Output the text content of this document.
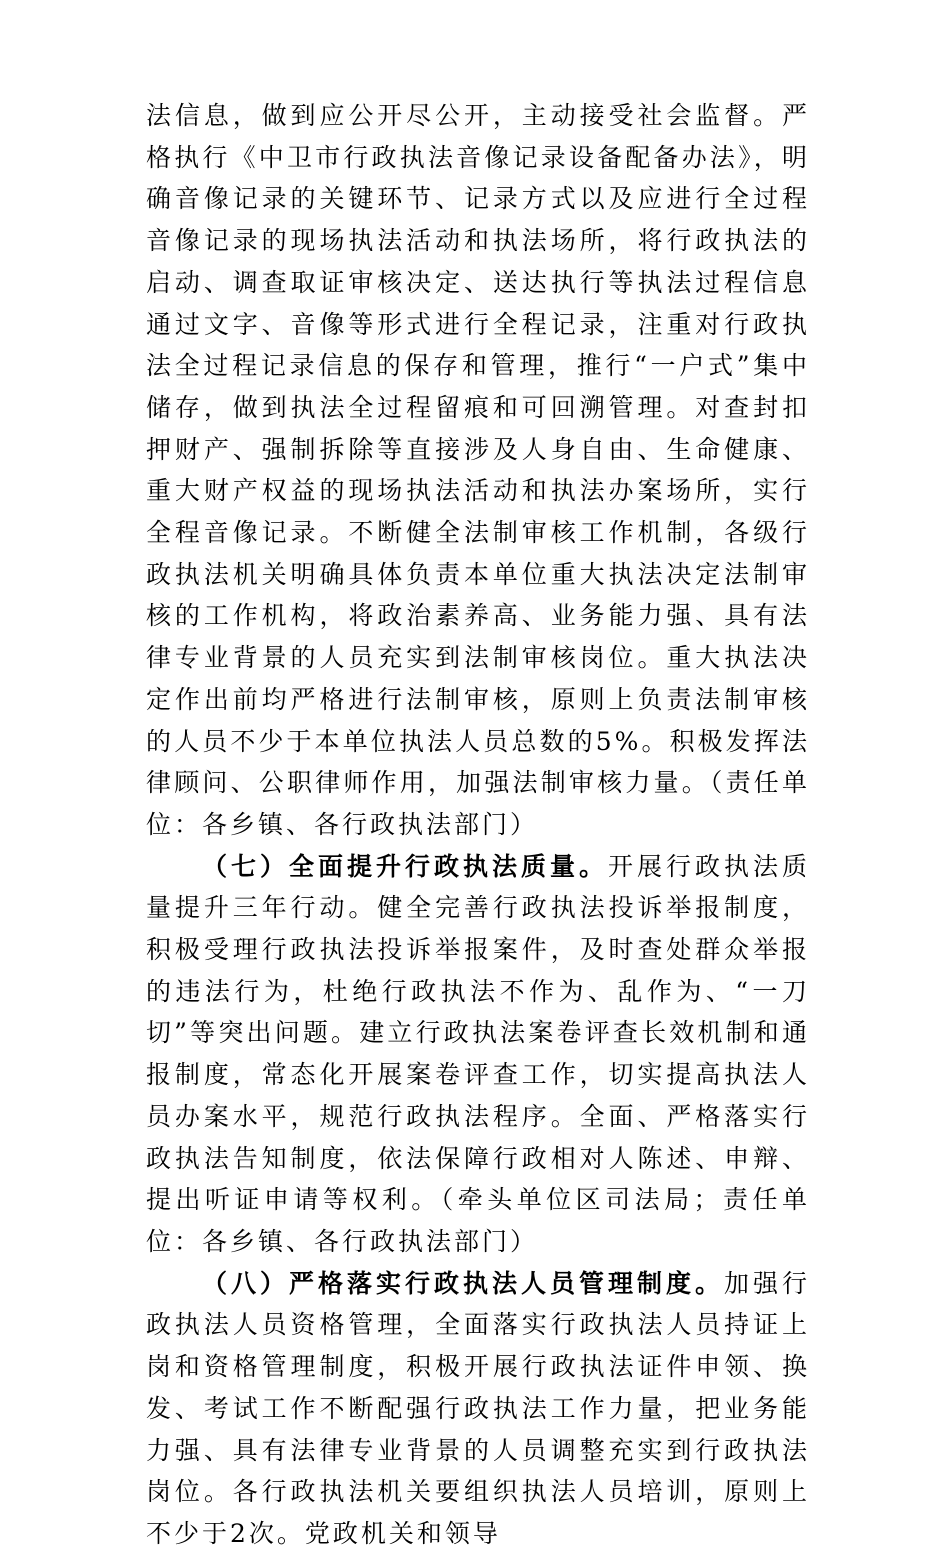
法信息，做到应公开尽公开，主动接受社会监督。严格执行《中卫市行政执法音像记录设备配备办法》，明确音像记录的关键环节、记录方式以及应进行全过程音像记录的现场执法活动和执法场所，将行政执法的启动、调查取证审核决定、送达执行等执法过程信息通过文字、音像等形式进行全程记录，注重对行政执法全过程记录信息的保存和管理，推行“一户式”集中储存，做到执法全过程留痕和可回溯管理。对查封扣押财产、强制拆除等直接涉及人身自由、生命健康、重大财产权益的现场执法活动和执法办案场所，实行全程音像记录。不断健全法制审核工作机制，各级行政执法机关明确具体负责本单位重大执法决定法制审核的工作机构，将政治素养高、业务能力强、具有法律专业背景的人员充实到法制审核岗位。重大执法决定作出前均严格进行法制审核，原则上负责法制审核的人员不少于本单位执法人员总数的5%。积极发挥法律顾问、公职律师作用，加强法制审核力量。（责任单位：各乡镇、各行政执法部门）

（七）全面提升行政执法质量。开展行政执法质量提升三年行动。健全完善行政执法投诉举报制度，积极受理行政执法投诉举报案件，及时查处群众举报的违法行为，杜绝行政执法不作为、乱作为、“一刀切”等突出问题。建立行政执法案卷评查长效机制和通报制度，常态化开展案卷评查工作，切实提高执法人员办案水平，规范行政执法程序。全面、严格落实行政执法告知制度，依法保障行政相对人陈述、申辩、提出听证申请等权利。（牵头单位区司法局；责任单位：各乡镇、各行政执法部门）

（八）严格落实行政执法人员管理制度。加强行政执法人员资格管理，全面落实行政执法人员持证上岗和资格管理制度，积极开展行政执法证件申领、换发、考试工作不断配强行政执法工作力量，把业务能力强、具有法律专业背景的人员调整充实到行政执法岗位。各行政执法机关要组织执法人员培训，原则上不少于2次。党政机关和领导
